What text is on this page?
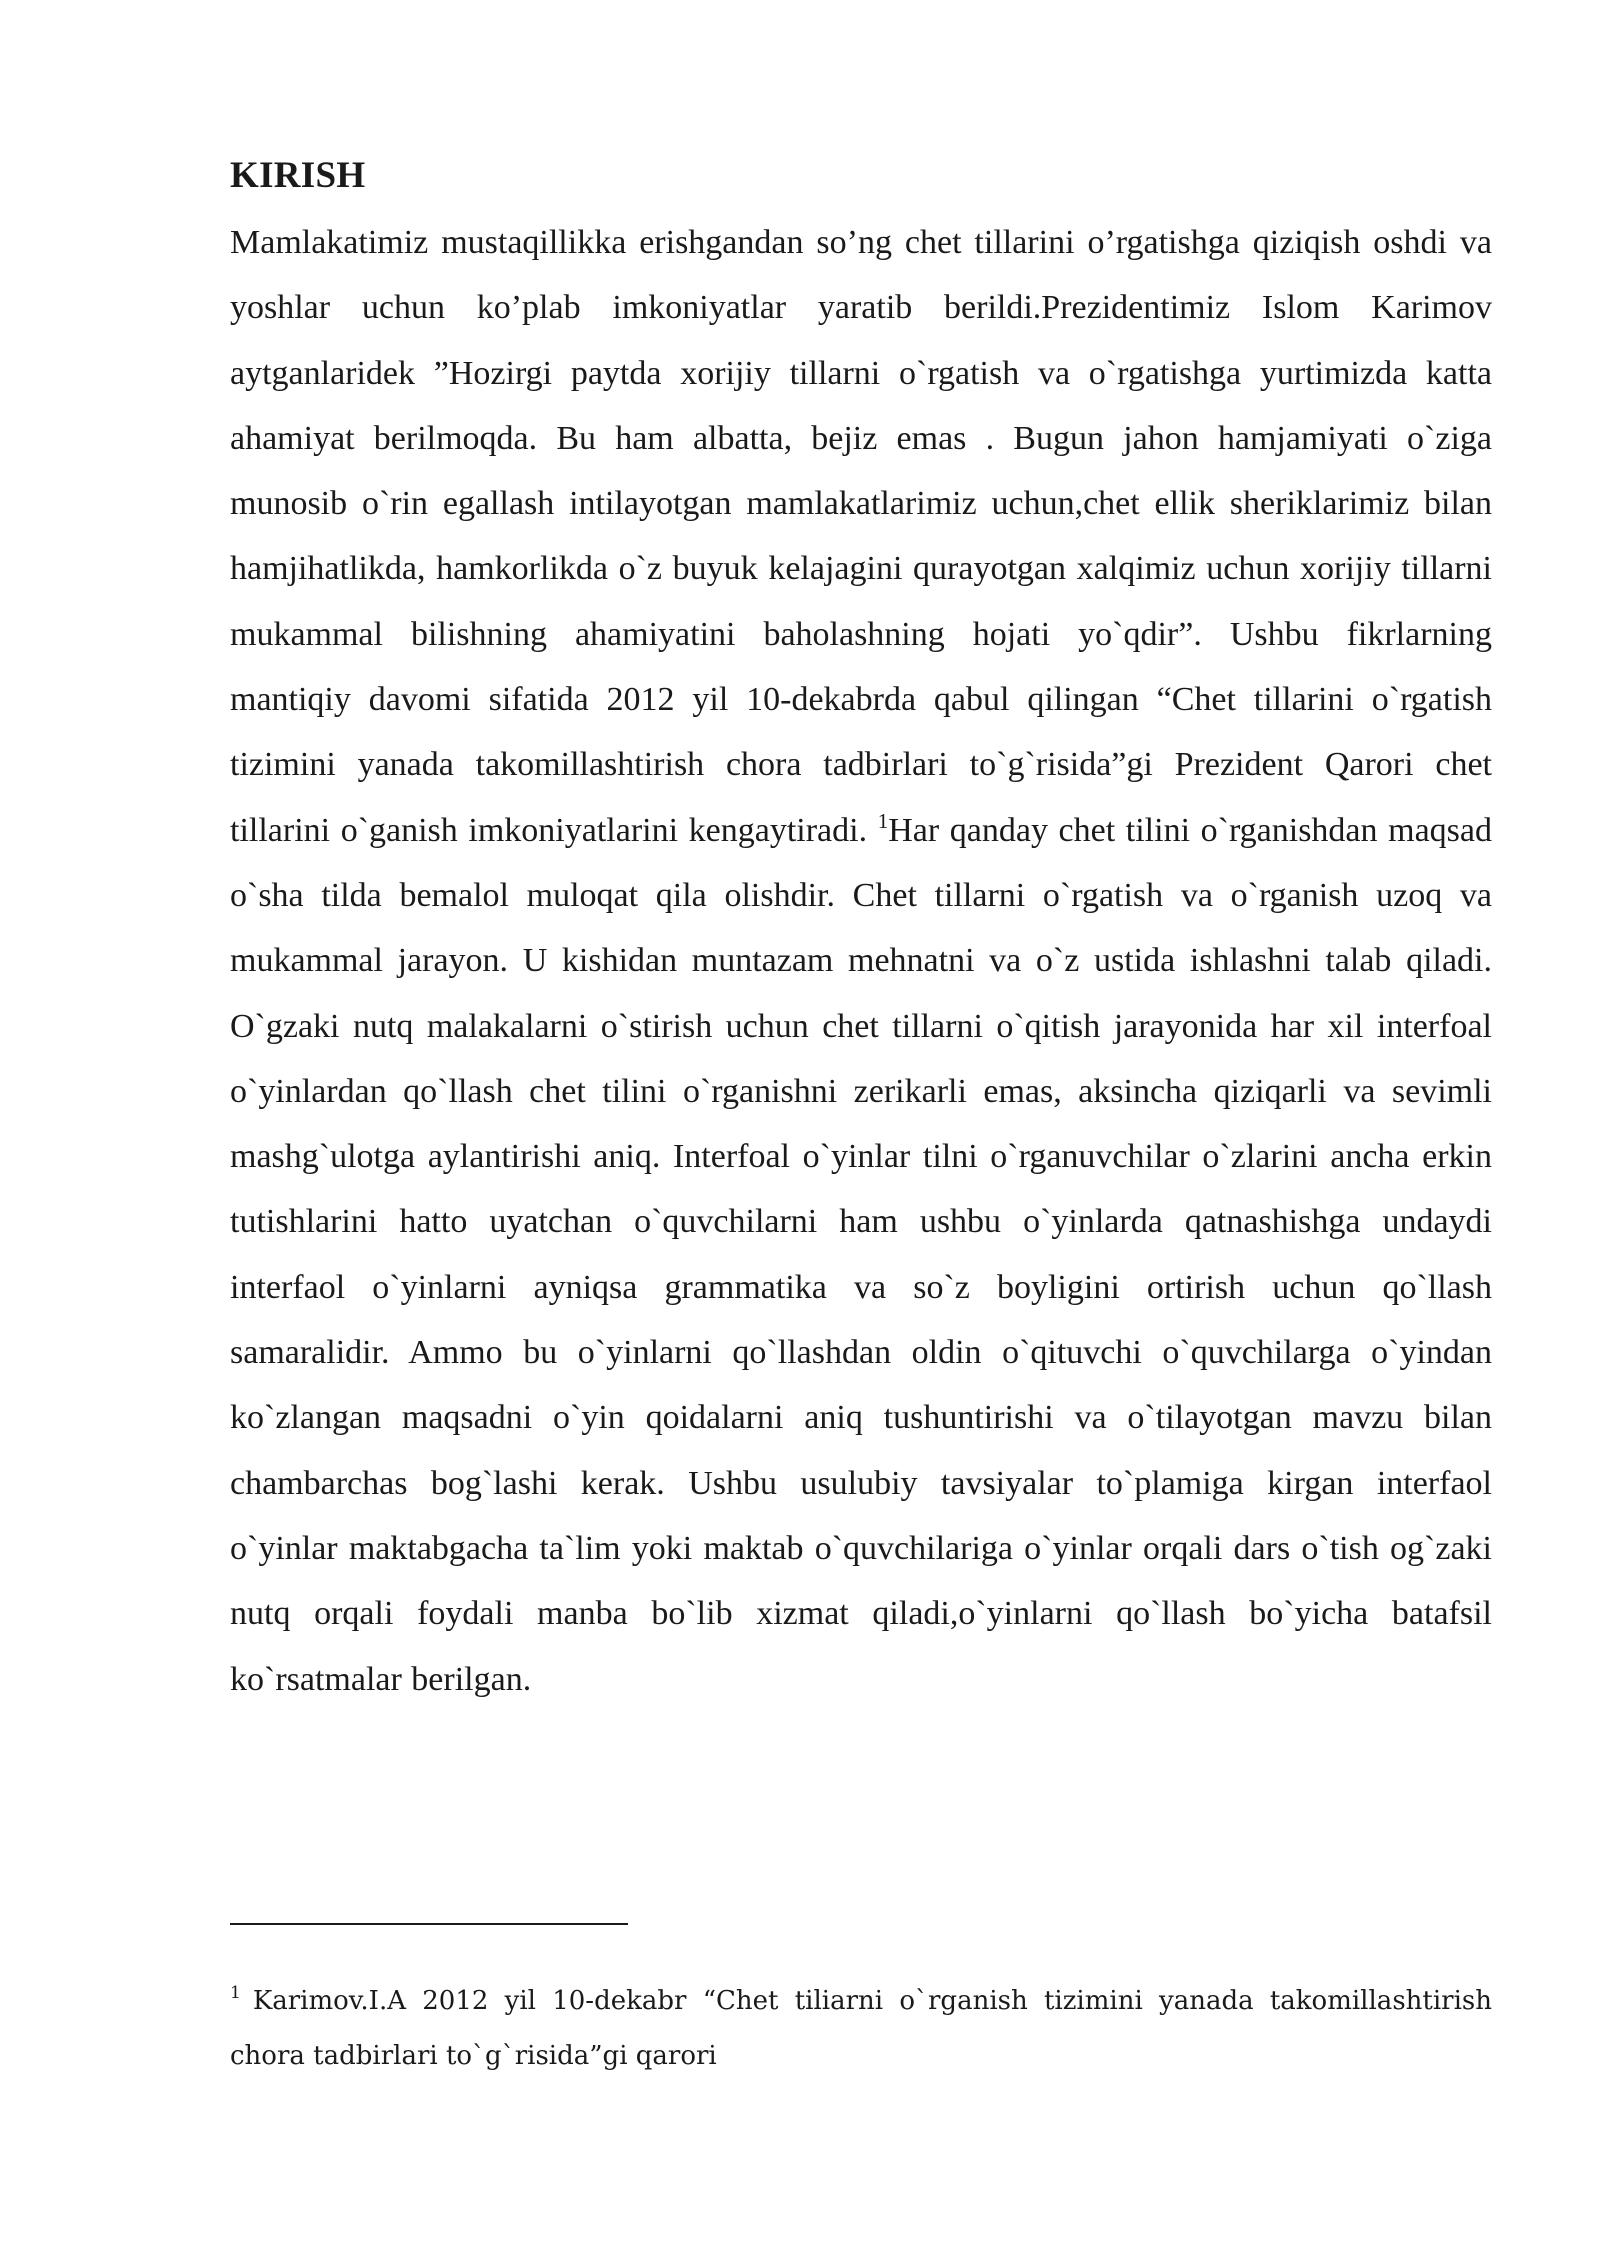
KIRISH

Mamlakatimiz mustaqillikka erishgandan so’ng chet tillarini o’rgatishga qiziqish oshdi va yoshlar uchun ko’plab imkoniyatlar yaratib berildi.Prezidentimiz Islom Karimov aytganlaridek ”Hozirgi paytda xorijiy tillarni o`rgatish va o`rgatishga yurtimizda katta ahamiyat berilmoqda. Bu ham albatta, bejiz emas . Bugun jahon hamjamiyati o`ziga munosib o`rin egallash intilayotgan mamlakatlarimiz uchun,chet ellik sheriklarimiz bilan hamjihatlikda, hamkorlikda o`z buyuk kelajagini qurayotgan xalqimiz uchun xorijiy tillarni mukammal bilishning ahamiyatini baholashning hojati yo`qdir”. Ushbu fikrlarning mantiqiy davomi sifatida 2012 yil 10-dekabrda qabul qilingan “Chet tillarini o`rgatish tizimini yanada takomillashtirish chora tadbirlari to`g`risida”gi Prezident Qarori chet tillarini o`ganish imkoniyatlarini kengaytiradi. $^1$Har qanday chet tilini o`rganishdan maqsad o`sha tilda bemalol muloqat qila olishdir. Chet tillarni o`rgatish va o`rganish uzoq va mukammal jarayon. U kishidan muntazam mehnatni va o`z ustida ishlashni talab qiladi. O`gzaki nutq malakalarni o`stirish uchun chet tillarni o`qitish jarayonida har xil interfoal o`yinlardan qo`llash chet tilini o`rganishni zerikarli emas, aksincha qiziqarli va sevimli mashg`ulotga aylantirishi aniq. Interfoal o`yinlar tilni o`rganuvchilar o`zlarini ancha erkin tutishlarini hatto uyatchan o`quvchilarni ham ushbu o`yinlarda qatnashishga undaydi interfaol o`yinlarni ayniqsa grammatika va so`z boyligini ortirish uchun qo`llash samaralidir. Ammo bu o`yinlarni qo`llashdan oldin o`qituvchi o`quvchilarga o`yindan ko`zlangan maqsadni o`yin qoidalarni aniq tushuntirishi va o`tilayotgan mavzu bilan chambarchas bog`lashi kerak. Ushbu usulubiy tavsiyalar to`plamiga kirgan interfaol o`yinlar maktabgacha ta`lim yoki maktab o`quvchilariga o`yinlar orqali dars o`tish og`zaki nutq orqali foydali manba bo`lib xizmat qiladi,o`yinlarni qo`llash bo`yicha batafsil ko`rsatmalar berilgan.

$^1$ Karimov.I.A 2012 yil 10-dekabr “Chet tiliarni o`rganish tizimini yanada takomillashtirish chora tadbirlari to`g`risida”gi qarori
